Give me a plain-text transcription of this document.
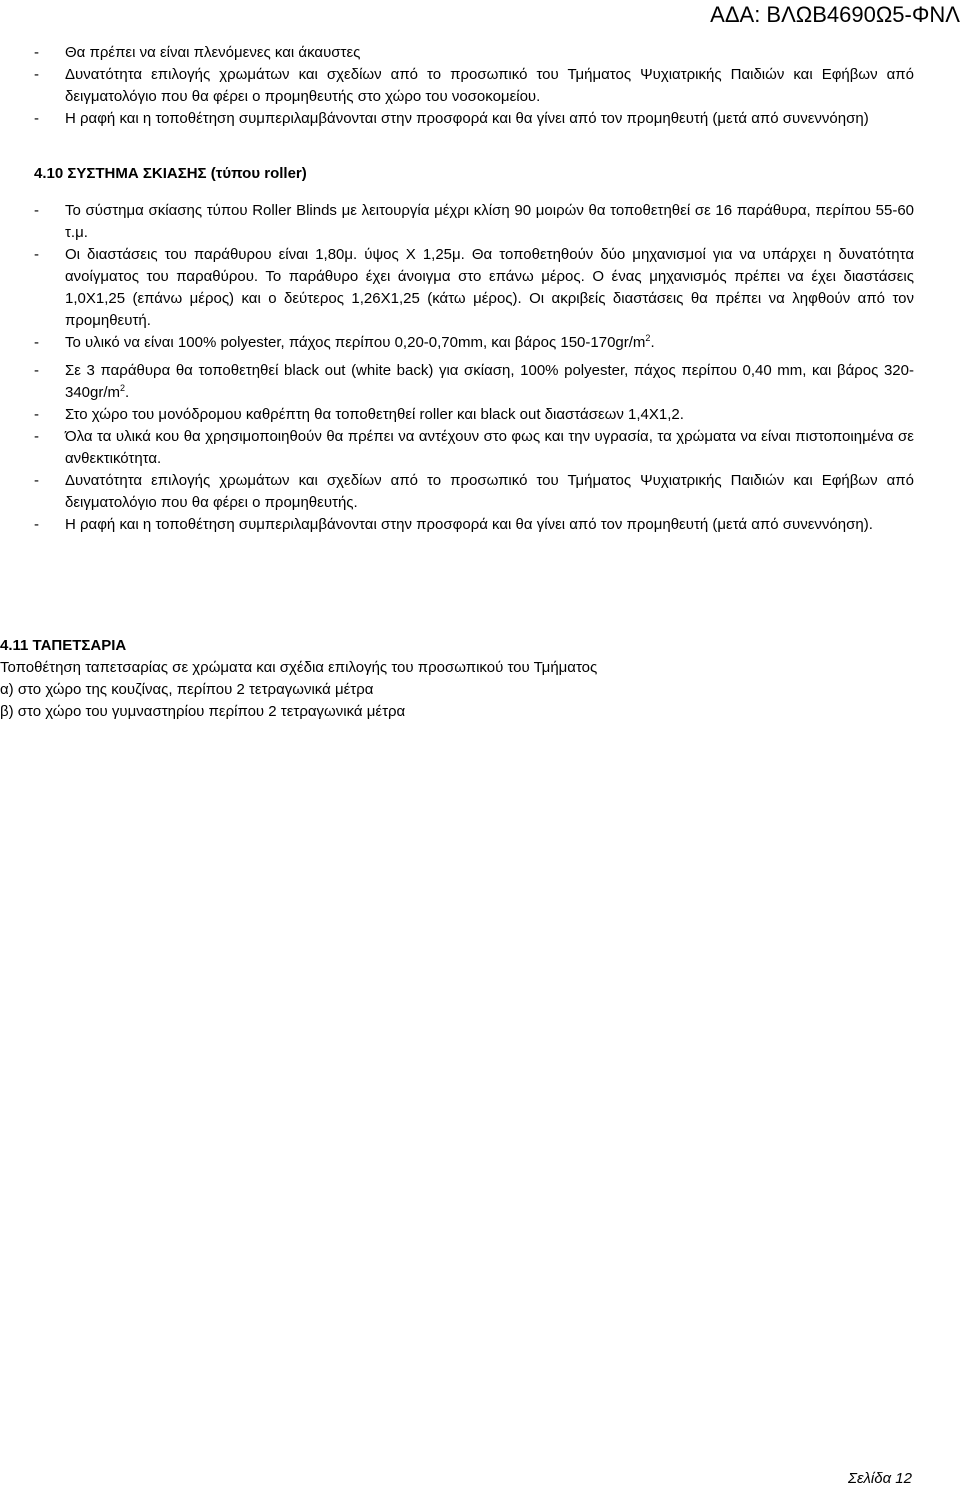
ΑΔΑ: ΒΛΩΒ4690Ω5-ΦΝΛ
-	Θα πρέπει να είναι πλενόμενες και άκαυστες
-	Δυνατότητα επιλογής χρωμάτων και σχεδίων από το προσωπικό του Τμήματος Ψυχιατρικής Παιδιών και Εφήβων από δειγματολόγιο που θα φέρει ο προμηθευτής στο χώρο του νοσοκομείου.
-	Η ραφή και η τοποθέτηση συμπεριλαμβάνονται στην προσφορά και θα γίνει από τον προμηθευτή (μετά από συνεννόηση)
4.10 ΣΥΣΤΗΜΑ ΣΚΙΑΣΗΣ (τύπου roller)
-	Το σύστημα σκίασης τύπου Roller Blinds με λειτουργία μέχρι κλίση 90 μοιρών θα τοποθετηθεί σε 16 παράθυρα, περίπου 55-60 τ.μ.
-	Οι διαστάσεις του παράθυρου είναι 1,80μ. ύψος Χ 1,25μ. Θα τοποθετηθούν δύο μηχανισμοί για να υπάρχει η δυνατότητα ανοίγματος του παραθύρου. Το παράθυρο έχει άνοιγμα στο επάνω μέρος. Ο ένας μηχανισμός πρέπει να έχει διαστάσεις 1,0Χ1,25 (επάνω μέρος) και ο δεύτερος 1,26Χ1,25 (κάτω μέρος). Οι ακριβείς διαστάσεις θα πρέπει να ληφθούν από τον προμηθευτή.
-	Το υλικό να είναι 100% polyester, πάχος περίπου 0,20-0,70mm, και βάρος $150-170gr/m^2$.
-	Σε 3 παράθυρα θα τοποθετηθεί black out (white back) για σκίαση, 100% polyester, πάχος περίπου 0,40 mm, και βάρος $320-340gr/m^2$.
-	Στο χώρο του μονόδρομου καθρέπτη θα τοποθετηθεί roller και black out διαστάσεων 1,4Χ1,2.
-	Όλα τα υλικά κου θα χρησιμοποιηθούν θα πρέπει να αντέχουν στο φως και την υγρασία, τα χρώματα να είναι πιστοποιημένα σε ανθεκτικότητα.
-	Δυνατότητα επιλογής χρωμάτων και σχεδίων από το προσωπικό του Τμήματος Ψυχιατρικής Παιδιών και Εφήβων από δειγματολόγιο που θα φέρει ο προμηθευτής.
-	Η ραφή και η τοποθέτηση συμπεριλαμβάνονται στην προσφορά και θα γίνει από τον προμηθευτή (μετά από συνεννόηση).
4.11 ΤΑΠΕΤΣΑΡΙΑ
Τοποθέτηση ταπετσαρίας σε χρώματα και σχέδια επιλογής του προσωπικού του Τμήματος
α) στο χώρο της κουζίνας, περίπου 2 τετραγωνικά μέτρα
β) στο χώρο του γυμναστηρίου περίπου 2 τετραγωνικά μέτρα
Σελίδα 12
